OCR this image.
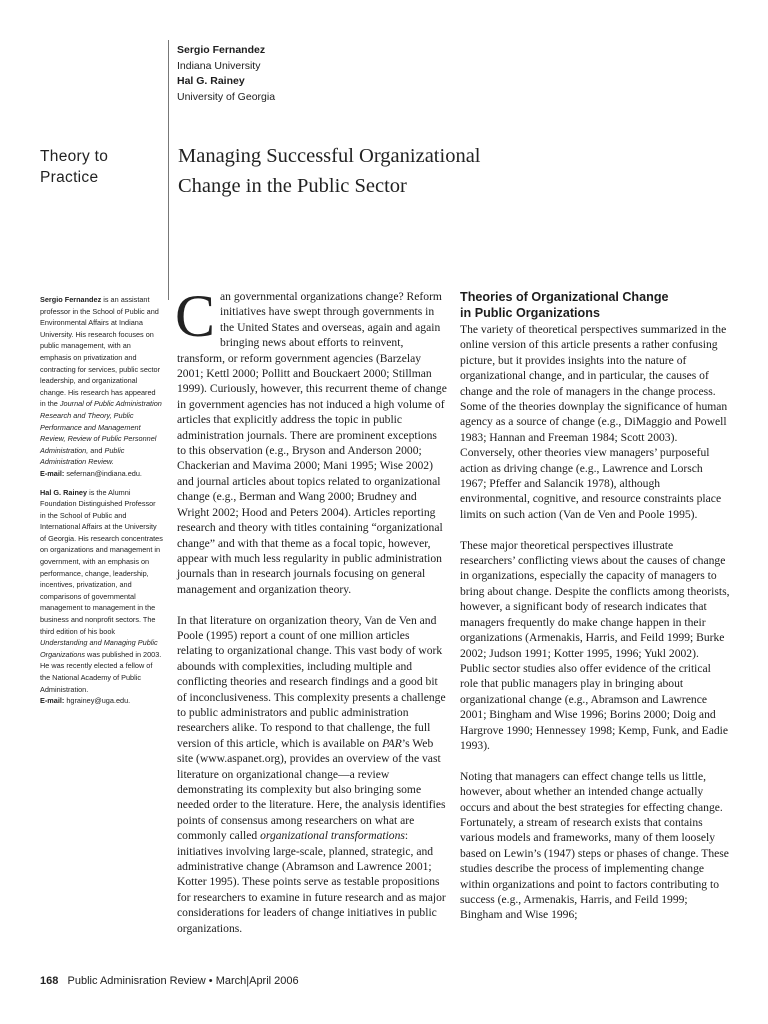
Sergio Fernandez
Indiana University
Hal G. Rainey
University of Georgia
Theory to
Practice
Managing Successful Organizational
Change in the Public Sector

Sergio Fernandez is an assistant professor in the School of Public and Environmental Affairs at Indiana University. His research focuses on public management, with an emphasis on privatization and contracting for services, public sector leadership, and organizational change. His research has appeared in the Journal of Public Administration Research and Theory, Public Performance and Management Review, Review of Public Personnel Administration, and Public Administration Review.
E-mail: sefernan@indiana.edu.

Hal G. Rainey is the Alumni Foundation Distinguished Professor in the School of Public and International Affairs at the University of Georgia. His research concentrates on organizations and management in government, with an emphasis on performance, change, leadership, incentives, privatization, and comparisons of governmental management to management in the business and nonprofit sectors. The third edition of his book Understanding and Managing Public Organizations was published in 2003. He was recently elected a fellow of the National Academy of Public Administration.
E-mail: hgrainey@uga.edu.

Can governmental organizations change? Reform initiatives have swept through governments in the United States and overseas, again and again bringing news about efforts to reinvent, transform, or reform government agencies (Barzelay 2001; Kettl 2000; Pollitt and Bouckaert 2000; Stillman 1999). Curiously, however, this recurrent theme of change in government agencies has not induced a high volume of articles that explicitly address the topic in public administration journals. There are prominent exceptions to this observation (e.g., Bryson and Anderson 2000; Chackerian and Mavima 2000; Mani 1995; Wise 2002) and journal articles about topics related to organizational change (e.g., Berman and Wang 2000; Brudney and Wright 2002; Hood and Peters 2004). Articles reporting research and theory with titles containing “organizational change” and with that theme as a focal topic, however, appear with much less regularity in public administration journals than in research journals focusing on general management and organization theory.

In that literature on organization theory, Van de Ven and Poole (1995) report a count of one million articles relating to organizational change. This vast body of work abounds with complexities, including multiple and conflicting theories and research findings and a good bit of inconclusiveness. This complexity presents a challenge to public administrators and public administration researchers alike. To respond to that challenge, the full version of this article, which is available on PAR’s Web site (www.aspanet.org), provides an overview of the vast literature on organizational change—a review demonstrating its complexity but also bringing some needed order to the literature. Here, the analysis identifies points of consensus among researchers on what are commonly called organizational transformations: initiatives involving large-scale, planned, strategic, and administrative change (Abramson and Lawrence 2001; Kotter 1995). These points serve as testable propositions for researchers to examine in future research and as major considerations for leaders of change initiatives in public organizations.

Theories of Organizational Change
in Public Organizations

The variety of theoretical perspectives summarized in the online version of this article presents a rather confusing picture, but it provides insights into the nature of organizational change, and in particular, the causes of change and the role of managers in the change process. Some of the theories downplay the significance of human agency as a source of change (e.g., DiMaggio and Powell 1983; Hannan and Freeman 1984; Scott 2003). Conversely, other theories view managers’ purposeful action as driving change (e.g., Lawrence and Lorsch 1967; Pfeffer and Salancik 1978), although environmental, cognitive, and resource constraints place limits on such action (Van de Ven and Poole 1995).

These major theoretical perspectives illustrate researchers’ conflicting views about the causes of change in organizations, especially the capacity of managers to bring about change. Despite the conflicts among theorists, however, a significant body of research indicates that managers frequently do make change happen in their organizations (Armenakis, Harris, and Feild 1999; Burke 2002; Judson 1991; Kotter 1995, 1996; Yukl 2002). Public sector studies also offer evidence of the critical role that public managers play in bringing about organizational change (e.g., Abramson and Lawrence 2001; Bingham and Wise 1996; Borins 2000; Doig and Hargrove 1990; Hennessey 1998; Kemp, Funk, and Eadie 1993).

Noting that managers can effect change tells us little, however, about whether an intended change actually occurs and about the best strategies for effecting change. Fortunately, a stream of research exists that contains various models and frameworks, many of them loosely based on Lewin’s (1947) steps or phases of change. These studies describe the process of implementing change within organizations and point to factors contributing to success (e.g., Armenakis, Harris, and Feild 1999; Bingham and Wise 1996;

168 Public Adminisration Review • March|April 2006
